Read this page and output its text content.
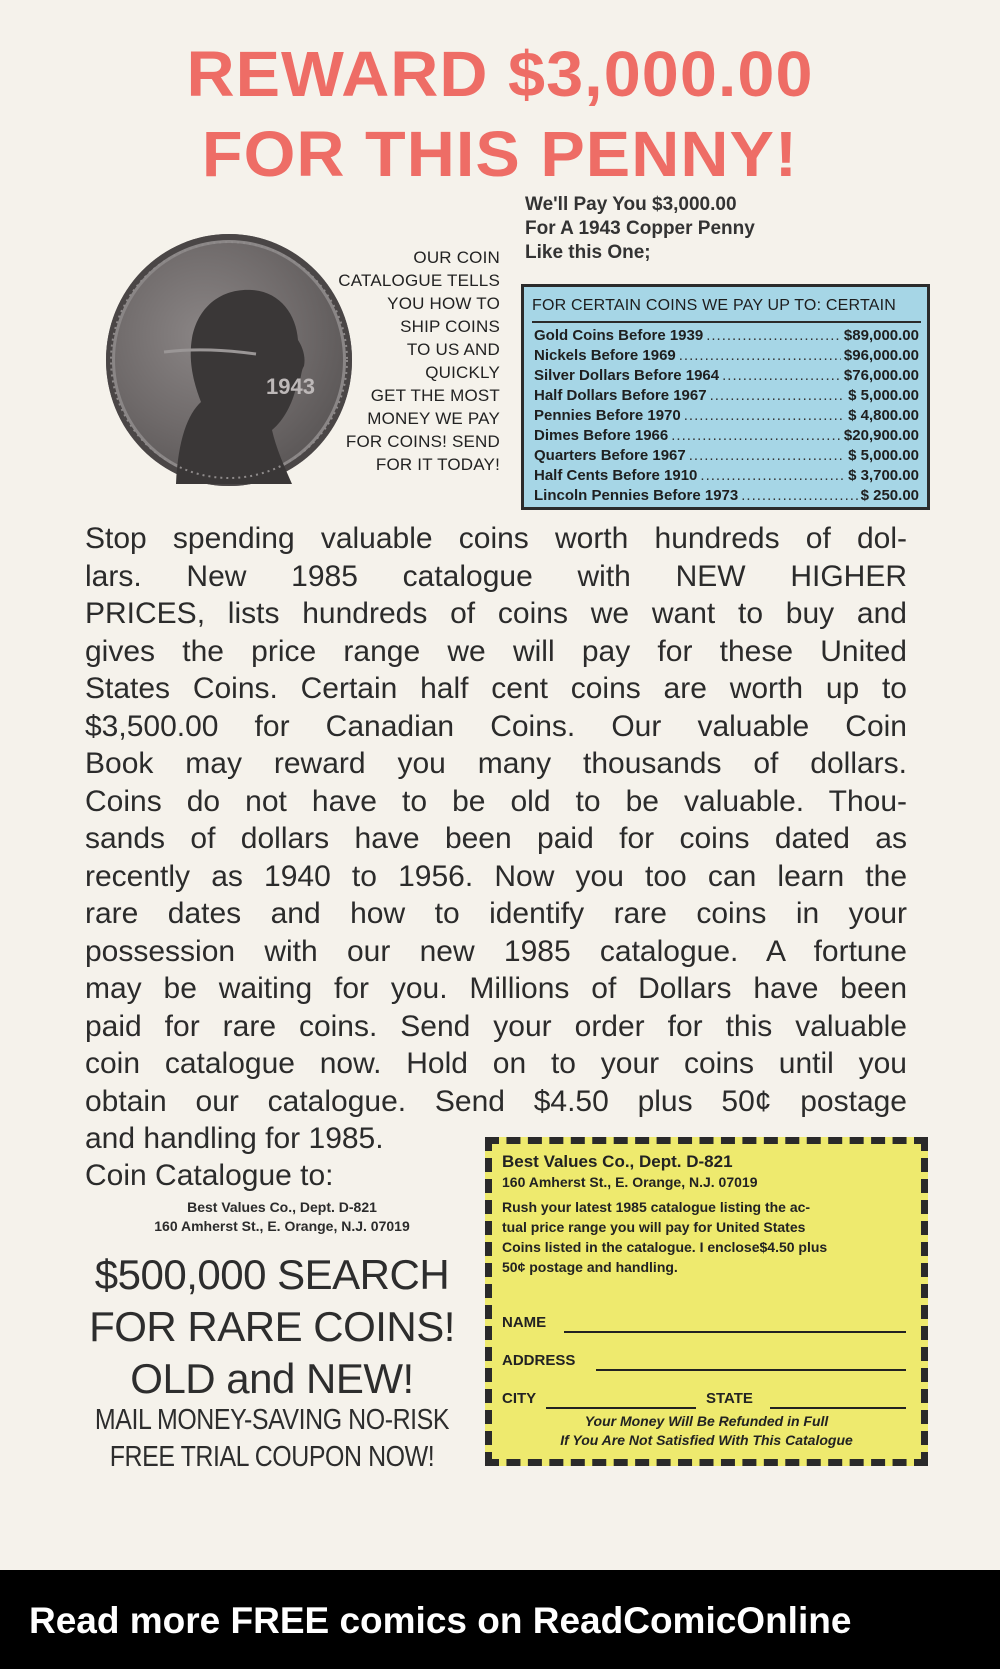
REWARD $3,000.00
FOR THIS PENNY!
We'll Pay You $3,000.00
For A 1943 Copper Penny
Like this One;
1943
OUR COIN
CATALOGUE TELLS
YOU HOW TO
SHIP COINS
TO US AND
QUICKLY
GET THE MOST
MONEY WE PAY
FOR COINS! SEND
FOR IT TODAY!
FOR CERTAIN COINS WE PAY UP TO: CERTAIN
Gold Coins Before 1939 .....	$89,000.00
Nickels Before 1969 .....	$96,000.00
Silver Dollars Before 1964 .....	$76,000.00
Half Dollars Before 1967 .....	$ 5,000.00
Pennies Before 1970 .....	$ 4,800.00
Dimes Before 1966 .....	$20,900.00
Quarters Before 1967 .....	$ 5,000.00
Half Cents Before 1910 .....	$ 3,700.00
Lincoln Pennies Before 1973 .....	$ 250.00
Stop spending valuable coins worth hundreds of dol-
lars. New 1985 catalogue with NEW HIGHER
PRICES, lists hundreds of coins we want to buy and
gives the price range we will pay for these United
States Coins. Certain half cent coins are worth up to
$3,500.00 for Canadian Coins. Our valuable Coin
Book may reward you many thousands of dollars.
Coins do not have to be old to be valuable. Thou-
sands of dollars have been paid for coins dated as
recently as 1940 to 1956. Now you too can learn the
rare dates and how to identify rare coins in your
possession with our new 1985 catalogue. A fortune
may be waiting for you. Millions of Dollars have been
paid for rare coins. Send your order for this valuable
coin catalogue now. Hold on to your coins until you
obtain our catalogue. Send $4.50 plus 50¢ postage
and handling for 1985.
Coin Catalogue to:
Best Values Co., Dept. D-821
160 Amherst St., E. Orange, N.J. 07019
$500,000 SEARCH
FOR RARE COINS!
OLD and NEW!
MAIL MONEY-SAVING NO-RISK
FREE TRIAL COUPON NOW!
Best Values Co., Dept. D-821
160 Amherst St., E. Orange, N.J. 07019
Rush your latest 1985 catalogue listing the ac-
tual price range you will pay for United States
Coins listed in the catalogue. I enclose$4.50 plus
50¢ postage and handling.
NAME
ADDRESS
CITY	STATE
Your Money Will Be Refunded in Full
If You Are Not Satisfied With This Catalogue
Read more FREE comics on ReadComicOnline
